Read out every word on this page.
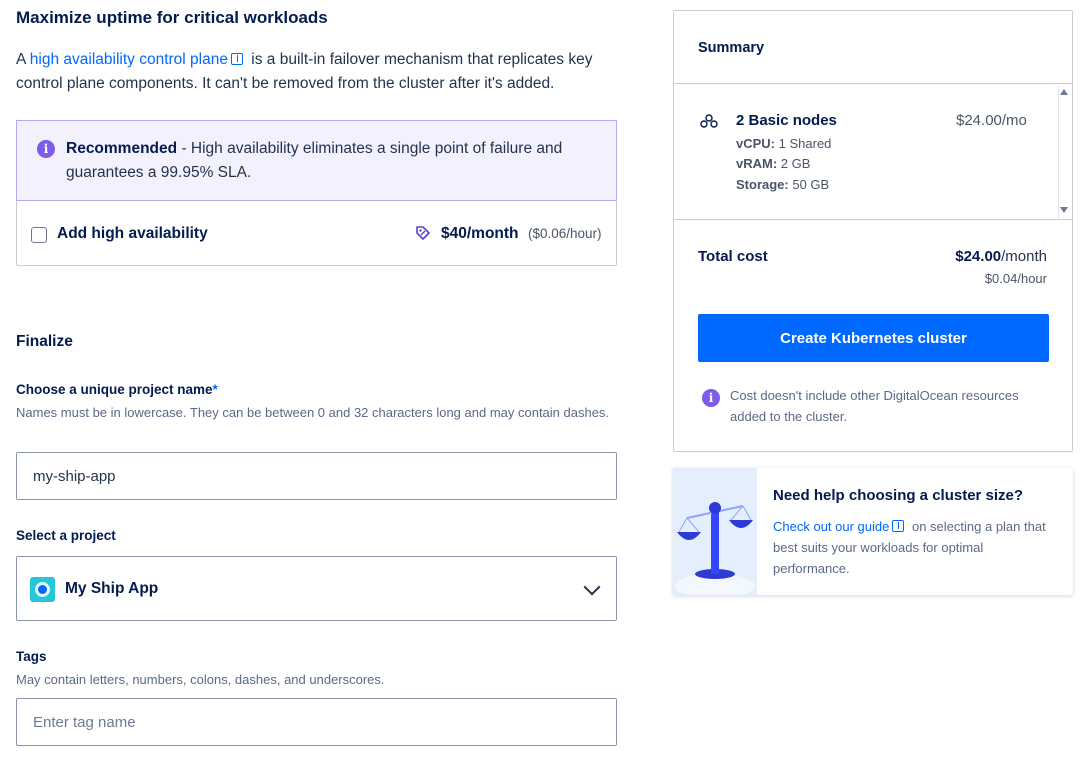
Maximize uptime for critical workloads
A high availability control plane is a built-in failover mechanism that replicates key control plane components. It can't be removed from the cluster after it's added.
i	Recommended - High availability eliminates a single point of failure and guarantees a 99.95% SLA.
Add high availability	$40/month ($0.06/hour)
Finalize
Choose a unique project name*
Names must be in lowercase. They can be between 0 and 32 characters long and may contain dashes.
my-ship-app
Select a project
My Ship App
Tags
May contain letters, numbers, colons, dashes, and underscores.
Enter tag name
Summary
2 Basic nodes	$24.00/mo
vCPU: 1 Shared
vRAM: 2 GB
Storage: 50 GB
Total cost	$24.00/month
$0.04/hour
Create Kubernetes cluster
i	Cost doesn't include other DigitalOcean resources added to the cluster.
Need help choosing a cluster size?
Check out our guide on selecting a plan that best suits your workloads for optimal performance.
